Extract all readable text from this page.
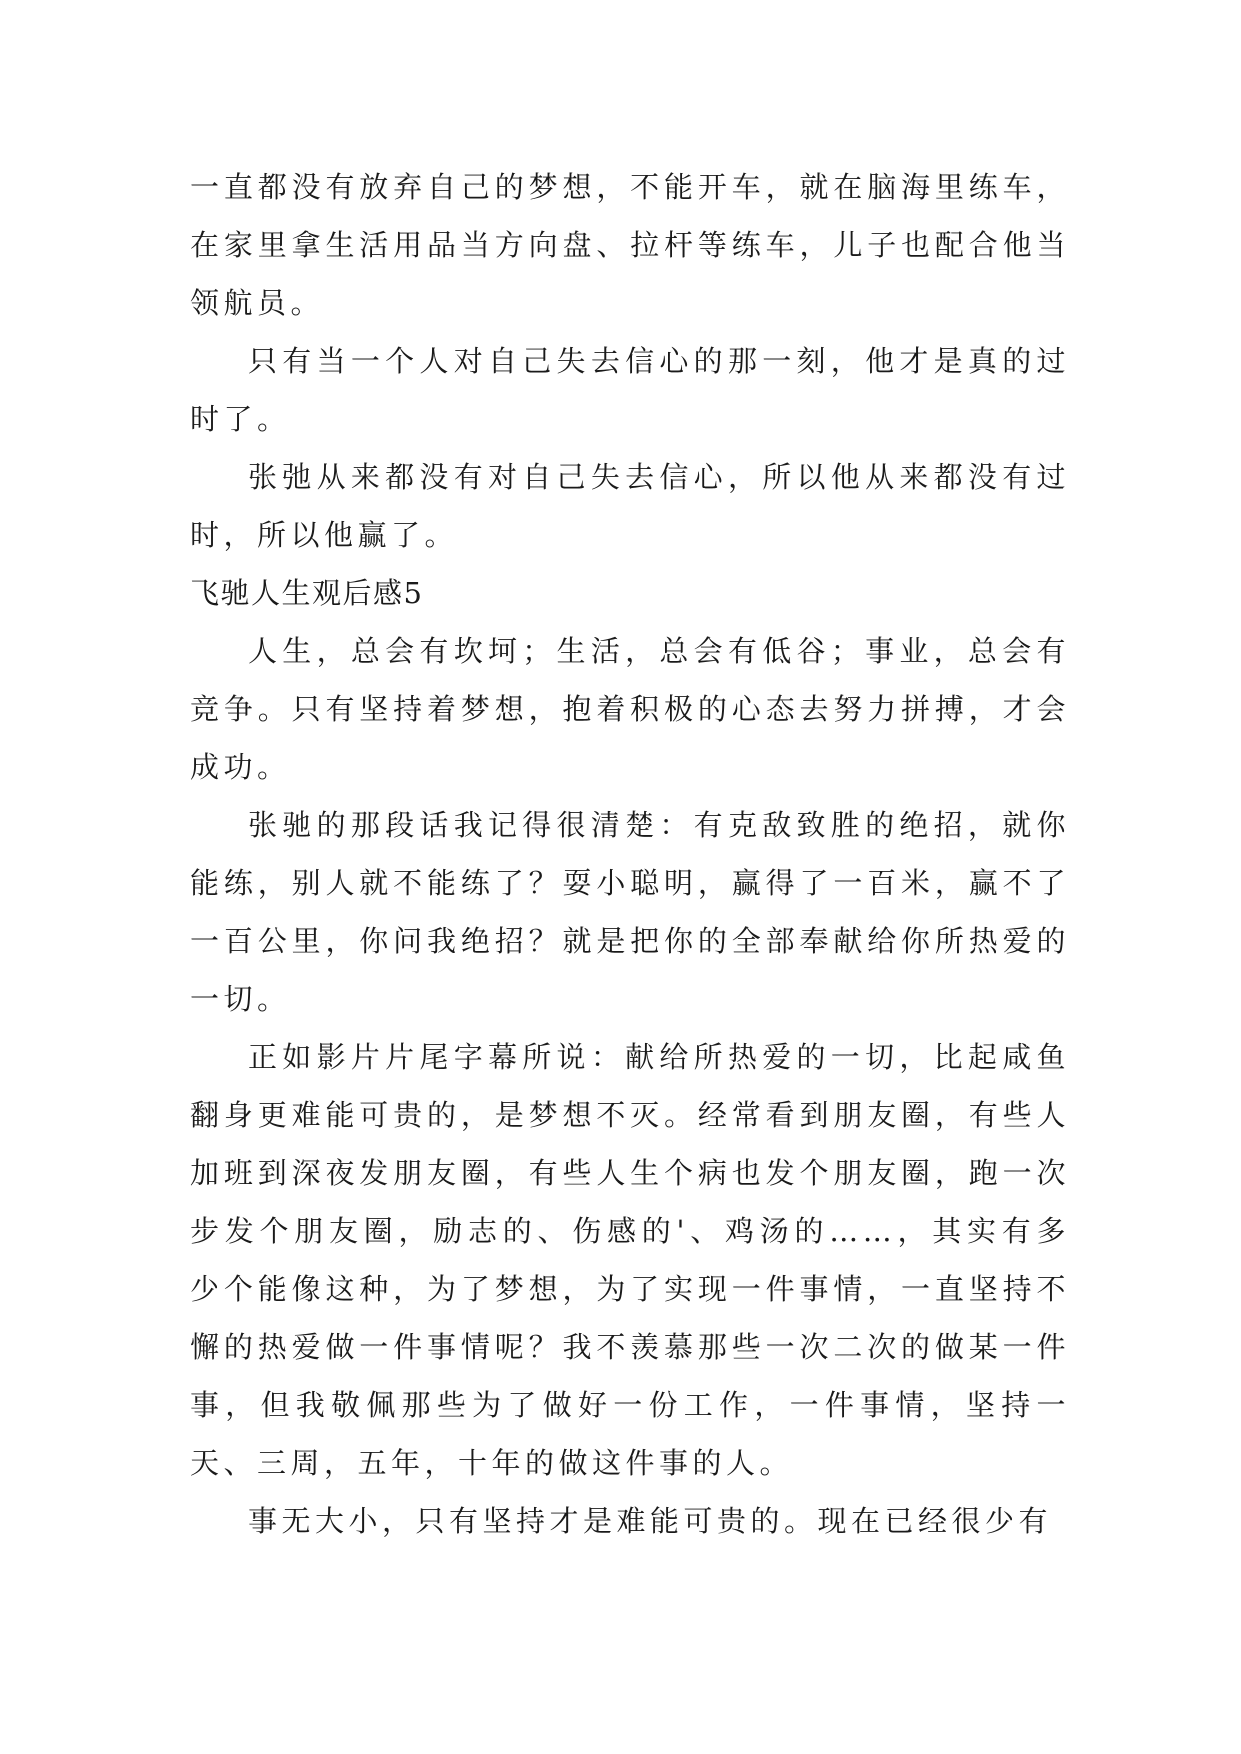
一直都没有放弃自己的梦想，不能开车，就在脑海里练车，在家里拿生活用品当方向盘、拉杆等练车，儿子也配合他当领航员。

只有当一个人对自己失去信心的那一刻，他才是真的过时了。

张弛从来都没有对自己失去信心，所以他从来都没有过时，所以他赢了。

飞驰人生观后感5

人生，总会有坎坷；生活，总会有低谷；事业，总会有竞争。只有坚持着梦想，抱着积极的心态去努力拼搏，才会成功。

张驰的那段话我记得很清楚：有克敌致胜的绝招，就你能练，别人就不能练了？耍小聪明，赢得了一百米，赢不了一百公里，你问我绝招？就是把你的全部奉献给你所热爱的一切。

正如影片片尾字幕所说：献给所热爱的一切，比起咸鱼翻身更难能可贵的，是梦想不灭。经常看到朋友圈，有些人加班到深夜发朋友圈，有些人生个病也发个朋友圈，跑一次步发个朋友圈，励志的、伤感的'、鸡汤的……，其实有多少个能像这种，为了梦想，为了实现一件事情，一直坚持不懈的热爱做一件事情呢？我不羡慕那些一次二次的做某一件事，但我敬佩那些为了做好一份工作，一件事情，坚持一天、三周，五年，十年的做这件事的人。

事无大小，只有坚持才是难能可贵的。现在已经很少有
